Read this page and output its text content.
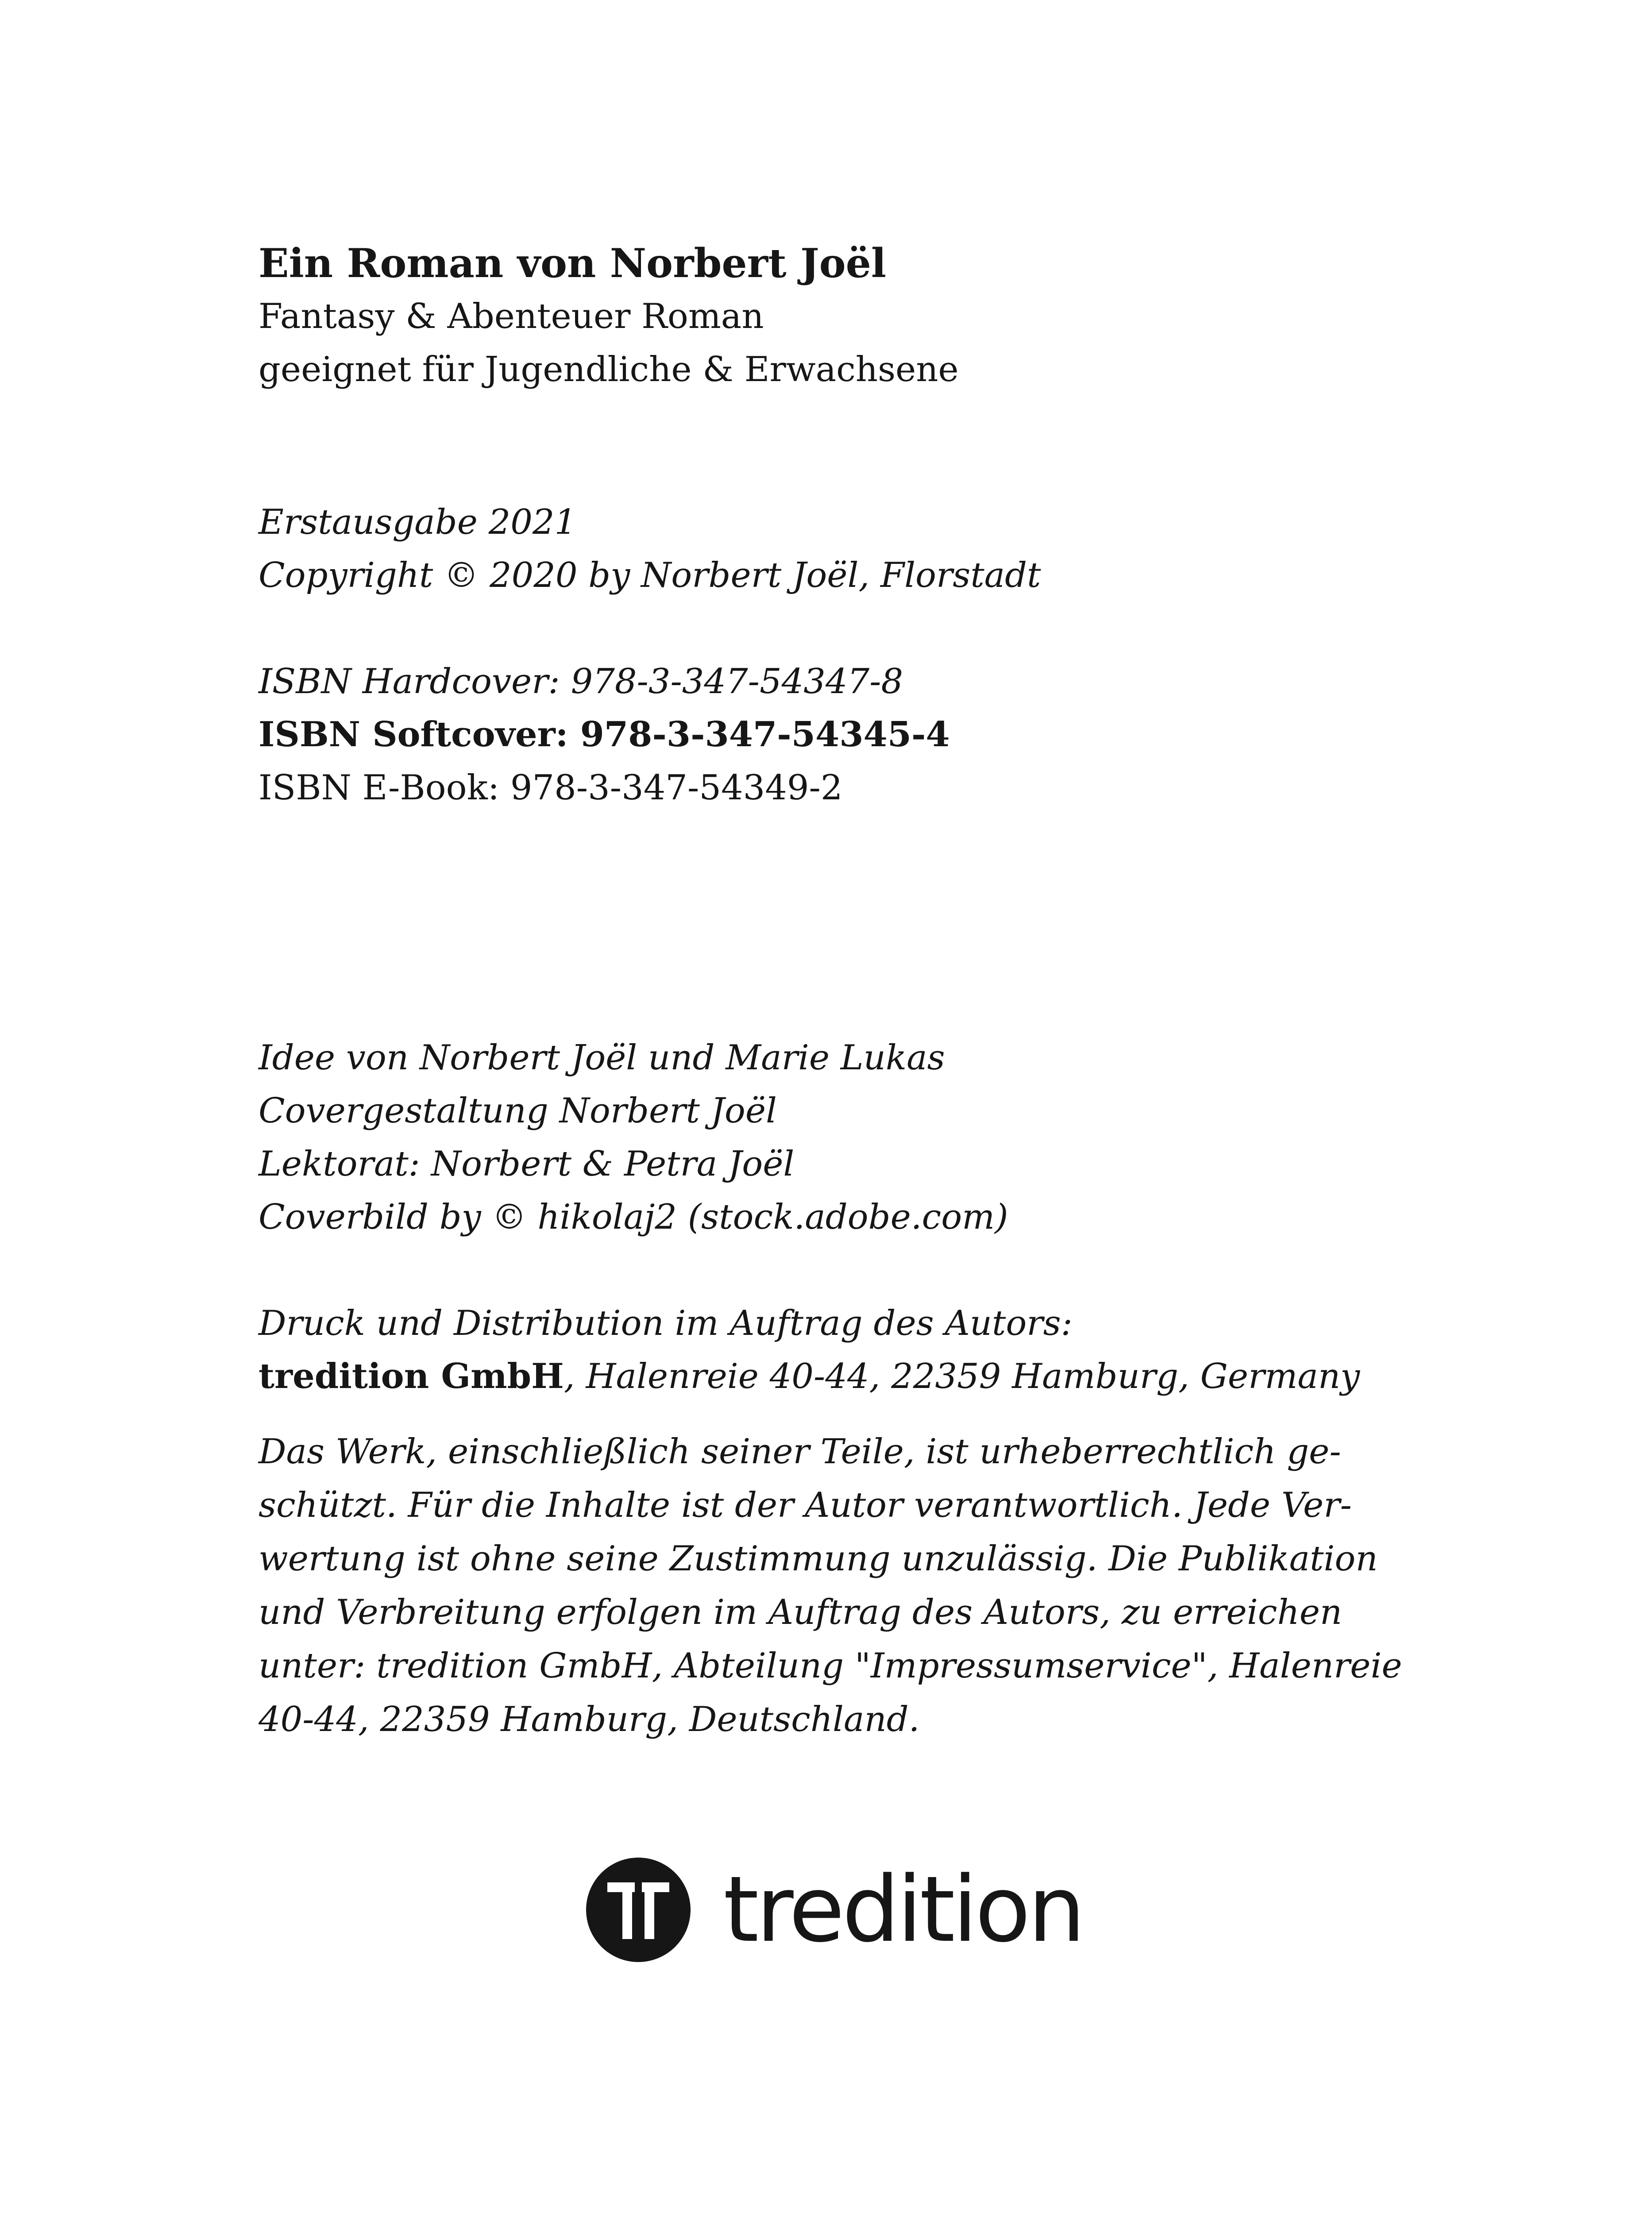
Ein Roman von Norbert Joël

Fantasy & Abenteuer Roman

geeignet für Jugendliche & Erwachsene

Erstausgabe 2021

Copyright © 2020 by Norbert Joël, Florstadt

ISBN Hardcover: 978-3-347-54347-8

ISBN Softcover: 978-3-347-54345-4

ISBN E-Book: 978-3-347-54349-2

Idee von Norbert Joël und Marie Lukas

Covergestaltung Norbert Joël

Lektorat: Norbert & Petra Joël

Coverbild by © hikolaj2 (stock.adobe.com)

Druck und Distribution im Auftrag des Autors:

tredition GmbH, Halenreie 40-44, 22359 Hamburg, Germany

Das Werk, einschließlich seiner Teile, ist urheberrechtlich ge-
schützt. Für die Inhalte ist der Autor verantwortlich. Jede Ver-
wertung ist ohne seine Zustimmung unzulässig. Die Publikation
und Verbreitung erfolgen im Auftrag des Autors, zu erreichen
unter: tredition GmbH, Abteilung "Impressumservice", Halenreie
40-44, 22359 Hamburg, Deutschland.
tredition
